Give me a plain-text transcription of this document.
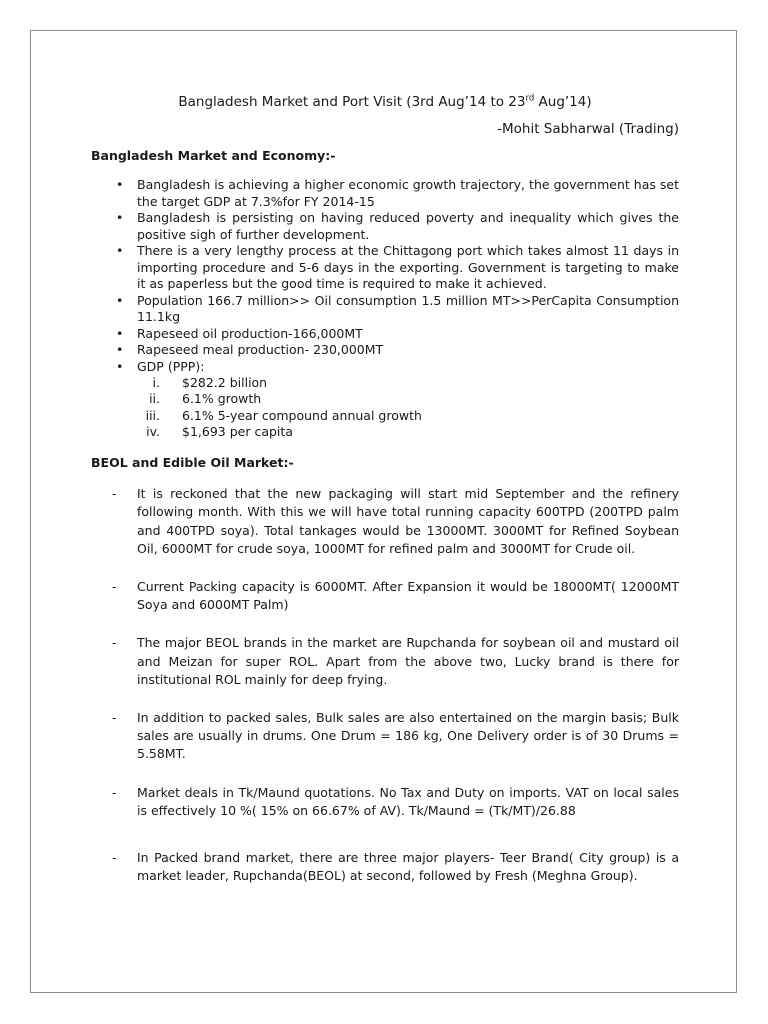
Bangladesh Market and Port Visit (3rd Aug’14 to 23rd Aug’14)

-Mohit Sabharwal (Trading)

Bangladesh Market and Economy:-

• Bangladesh is achieving a higher economic growth trajectory, the government has set the target GDP at 7.3%for FY 2014-15
• Bangladesh is persisting on having reduced poverty and inequality which gives the positive sigh of further development.
• There is a very lengthy process at the Chittagong port which takes almost 11 days in importing procedure and 5-6 days in the exporting. Government is targeting to make it as paperless but the good time is required to make it achieved.
• Population 166.7 million>> Oil consumption 1.5 million MT>>PerCapita Consumption 11.1kg
• Rapeseed oil production-166,000MT
• Rapeseed meal production- 230,000MT
• GDP (PPP):
i. $282.2 billion
ii. 6.1% growth
iii. 6.1% 5-year compound annual growth
iv. $1,693 per capita

BEOL and Edible Oil Market:-

- It is reckoned that the new packaging will start mid September and the refinery following month. With this we will have total running capacity 600TPD (200TPD palm and 400TPD soya). Total tankages would be 13000MT. 3000MT for Refined Soybean Oil, 6000MT for crude soya, 1000MT for refined palm and 3000MT for Crude oil.
- Current Packing capacity is 6000MT. After Expansion it would be 18000MT( 12000MT Soya and 6000MT Palm)
- The major BEOL brands in the market are Rupchanda for soybean oil and mustard oil and Meizan for super ROL. Apart from the above two, Lucky brand is there for institutional ROL mainly for deep frying.
- In addition to packed sales, Bulk sales are also entertained on the margin basis; Bulk sales are usually in drums. One Drum = 186 kg, One Delivery order is of 30 Drums = 5.58MT.
- Market deals in Tk/Maund quotations. No Tax and Duty on imports. VAT on local sales is effectively 10 %( 15% on 66.67% of AV). Tk/Maund = (Tk/MT)/26.88
- In Packed brand market, there are three major players- Teer Brand( City group) is a market leader, Rupchanda(BEOL) at second, followed by Fresh (Meghna Group).
